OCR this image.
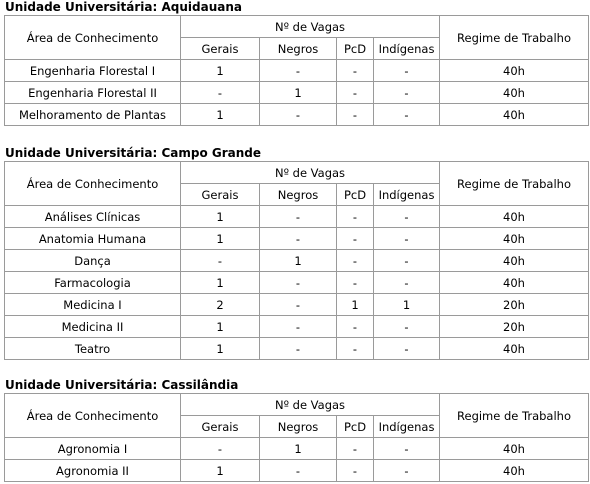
Unidade Universitária: Aquidauana
Área de Conhecimento	Nº de Vagas				Regime de Trabalho
	Gerais	Negros	PcD	Indígenas	
Engenharia Florestal I	1	-	-	-	40h
Engenharia Florestal II	-	1	-	-	40h
Melhoramento de Plantas	1	-	-	-	40h
Unidade Universitária: Campo Grande
Área de Conhecimento	Nº de Vagas				Regime de Trabalho
	Gerais	Negros	PcD	Indígenas	
Análises Clínicas	1	-	-	-	40h
Anatomia Humana	1	-	-	-	40h
Dança	-	1	-	-	40h
Farmacologia	1	-	-	-	40h
Medicina I	2	-	1	1	20h
Medicina II	1	-	-	-	20h
Teatro	1	-	-	-	40h
Unidade Universitária: Cassilândia
Área de Conhecimento	Nº de Vagas				Regime de Trabalho
	Gerais	Negros	PcD	Indígenas	
Agronomia I	-	1	-	-	40h
Agronomia II	1	-	-	-	40h
